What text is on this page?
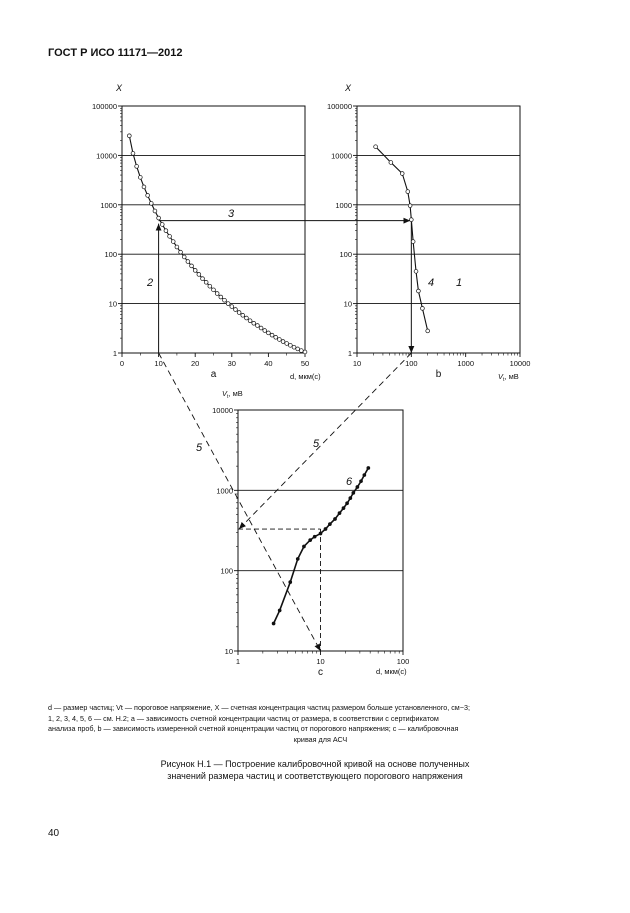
ГОСТ Р ИСО 11171—2012
1
10
100
1000
10000
100000
0	10	20	30	40	50
a
1
10
100
1000
10000
100000
10	100	1000	10000
b
10
100
1000
10000
1	10	100
c
X	X
d, мкм(c)	$V_t$, мВ
$V_t$, мВ
d, мкм(c)
2
3
4 1
5	5
6
d — размер частиц; Vt — пороговое напряжение, X — счетная концентрация частиц размером больше установленного, см−3;
1, 2, 3, 4, 5, 6 — см. Н.2; a — зависимость счетной концентрации частиц от размера, в соответствии с сертификатом
анализа проб, b — зависимость измеренной счетной концентрации частиц от порогового напряжения; c — калибровочная
кривая для АСЧ
Рисунок Н.1 — Построение калибровочной кривой на основе полученных
значений размера частиц и соответствующего порогового напряжения
40
